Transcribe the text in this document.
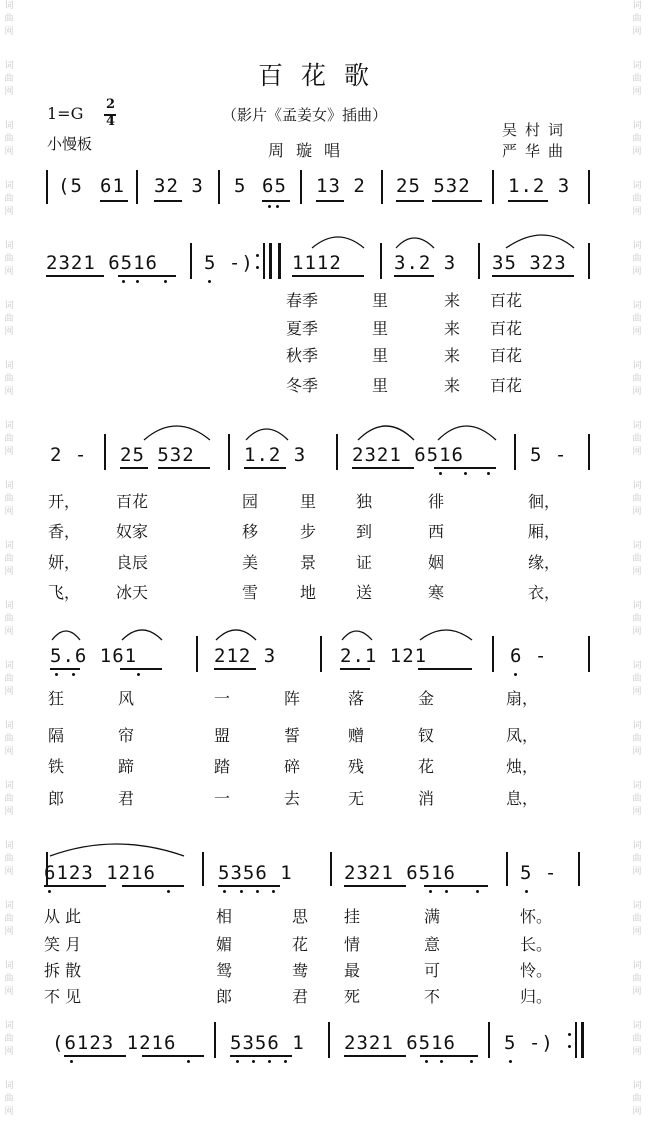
词
曲
网
词
曲
网
词
曲
网
词
曲
网
词
曲
网
词
曲
网
词
曲
网
词
曲
网
词
曲
网
词
曲
网
词
曲
网
词
曲
网
词
曲
网
词
曲
网
词
曲
网
词
曲
网
词
曲
网
词
曲
网
词
曲
网
词
曲
网
词
曲
网
词
曲
网
词
曲
网
词
曲
网
词
曲
网
词
曲
网
词
曲
网
词
曲
网
词
曲
网
词
曲
网
词
曲
网
词
曲
网
词
曲
网
词
曲
网
词
曲
网
词
曲
网
词
曲
网
词
曲
网
百花歌
（影片《孟姜女》插曲）
1=G 2
4
小慢板	周璇唱
吴村词
严华曲
(5 61 32 3 5 65 13 2 25 532 1.2 3
2321 6516 5 -) 1112	3.2 3 35 323
春季	里	来 百花
夏季	里	来 百花
秋季	里	来 百花
冬季	里	来 百花
2 - 25 532	1.2 3 2321 6516	5 -
开， 百花	园	里 独	徘	徊，
香， 奴家	移	步 到	西	厢，
妍， 良辰	美	景 证	姻	缘，
飞， 冰天	雪	地 送	寒	衣，
5.6 161	212 3	2.1 121	6 -
狂	风	一	阵	落	金	扇，
隔	帘	盟	誓	赠	钗	凤，
铁	蹄	踏	碎	残	花	烛，
郎	君	一	去	无	消	息，
6123 1216	5356 1	2321 6516	5 -
从 此	相	思 挂	满	怀。
笑 月	媚	花 情	意	长。
拆 散	鸳	鸯 最	可	怜。
不 见	郎	君 死	不	归。
(6123 1216	5356 1 2321 6516	5 -)
